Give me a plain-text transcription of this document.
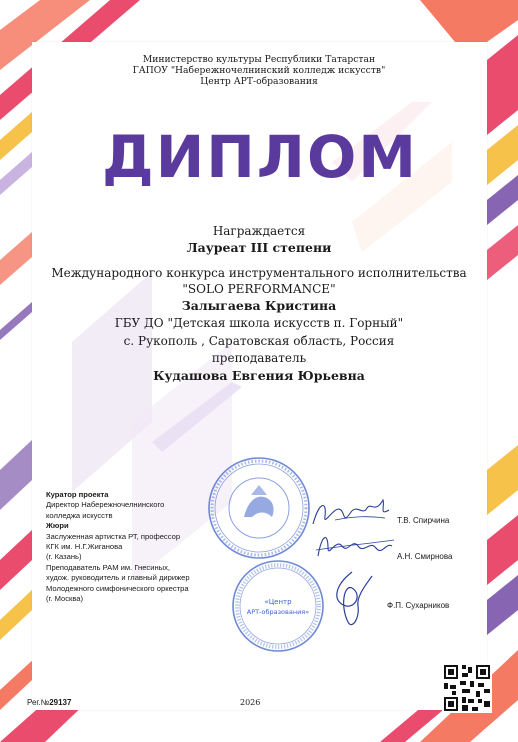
Министерство культуры Республики Татарстан
ГАПОУ "Набережночелнинский колледж искусств"
Центр АРТ-образования
ДИПЛОМ
Награждается
Лауреат III степени
Международного конкурса инструментального исполнительства
"SOLO PERFORMANCE"
Залыгаева Кристина
ГБУ ДО "Детская школа искусств п. Горный"
с. Рукополь , Саратовская область, Россия
преподаватель
Кудашова Евгения Юрьевна
Куратор проекта
Директор Набережночелнинского
колледжа искусств
Жюри
Заслуженная артистка РТ, профессор
КГК им. Н.Г.Жиганова
(г. Казань)
Преподаватель РАМ им. Гнесиных,
худож. руководитель и главный дирижер
Молодежного симфонического оркестра
(г. Москва)	«Центр
АРТ-образования»
Т.В. Спирчина
А.Н. Смирнова
Ф.П. Сухарников
Рег.№29137	2026
